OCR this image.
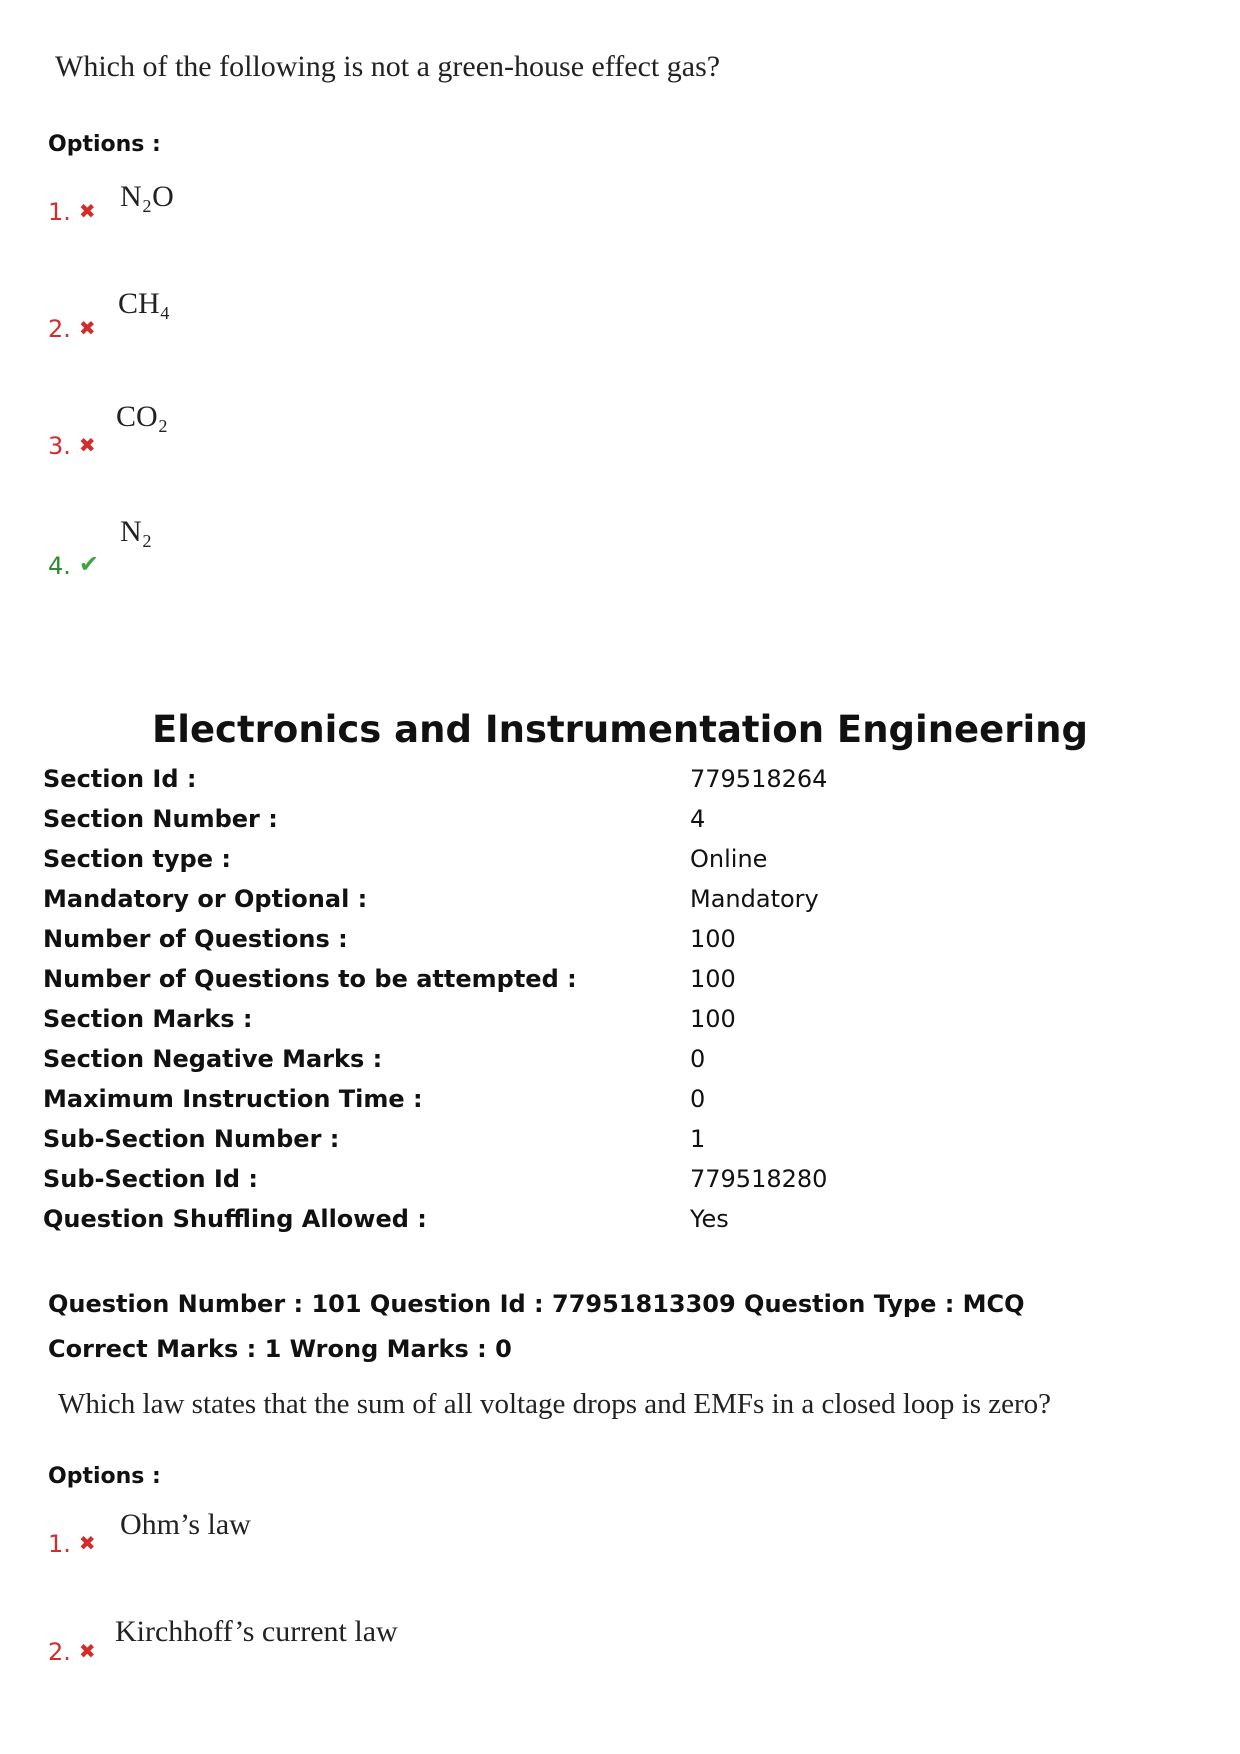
Which of the following is not a green-house effect gas?
Options :
1. ✖ N₂O
2. ✖
CH₄
3. ✖
CO₂
4. ✔
N₂
Electronics and Instrumentation Engineering
Section Id :	779518264
Section Number :	4
Section type :	Online
Mandatory or Optional :	Mandatory
Number of Questions :	100
Number of Questions to be attempted :	100
Section Marks :	100
Section Negative Marks :	0
Maximum Instruction Time :	0
Sub-Section Number :	1
Sub-Section Id :	779518280
Question Shuffling Allowed :	Yes
Question Number : 101 Question Id : 77951813309 Question Type : MCQ
Correct Marks : 1 Wrong Marks : 0
Which law states that the sum of all voltage drops and EMFs in a closed loop is zero?
Options :
1. ✖
Ohm’s law
2. ✖
Kirchhoff’s current law
